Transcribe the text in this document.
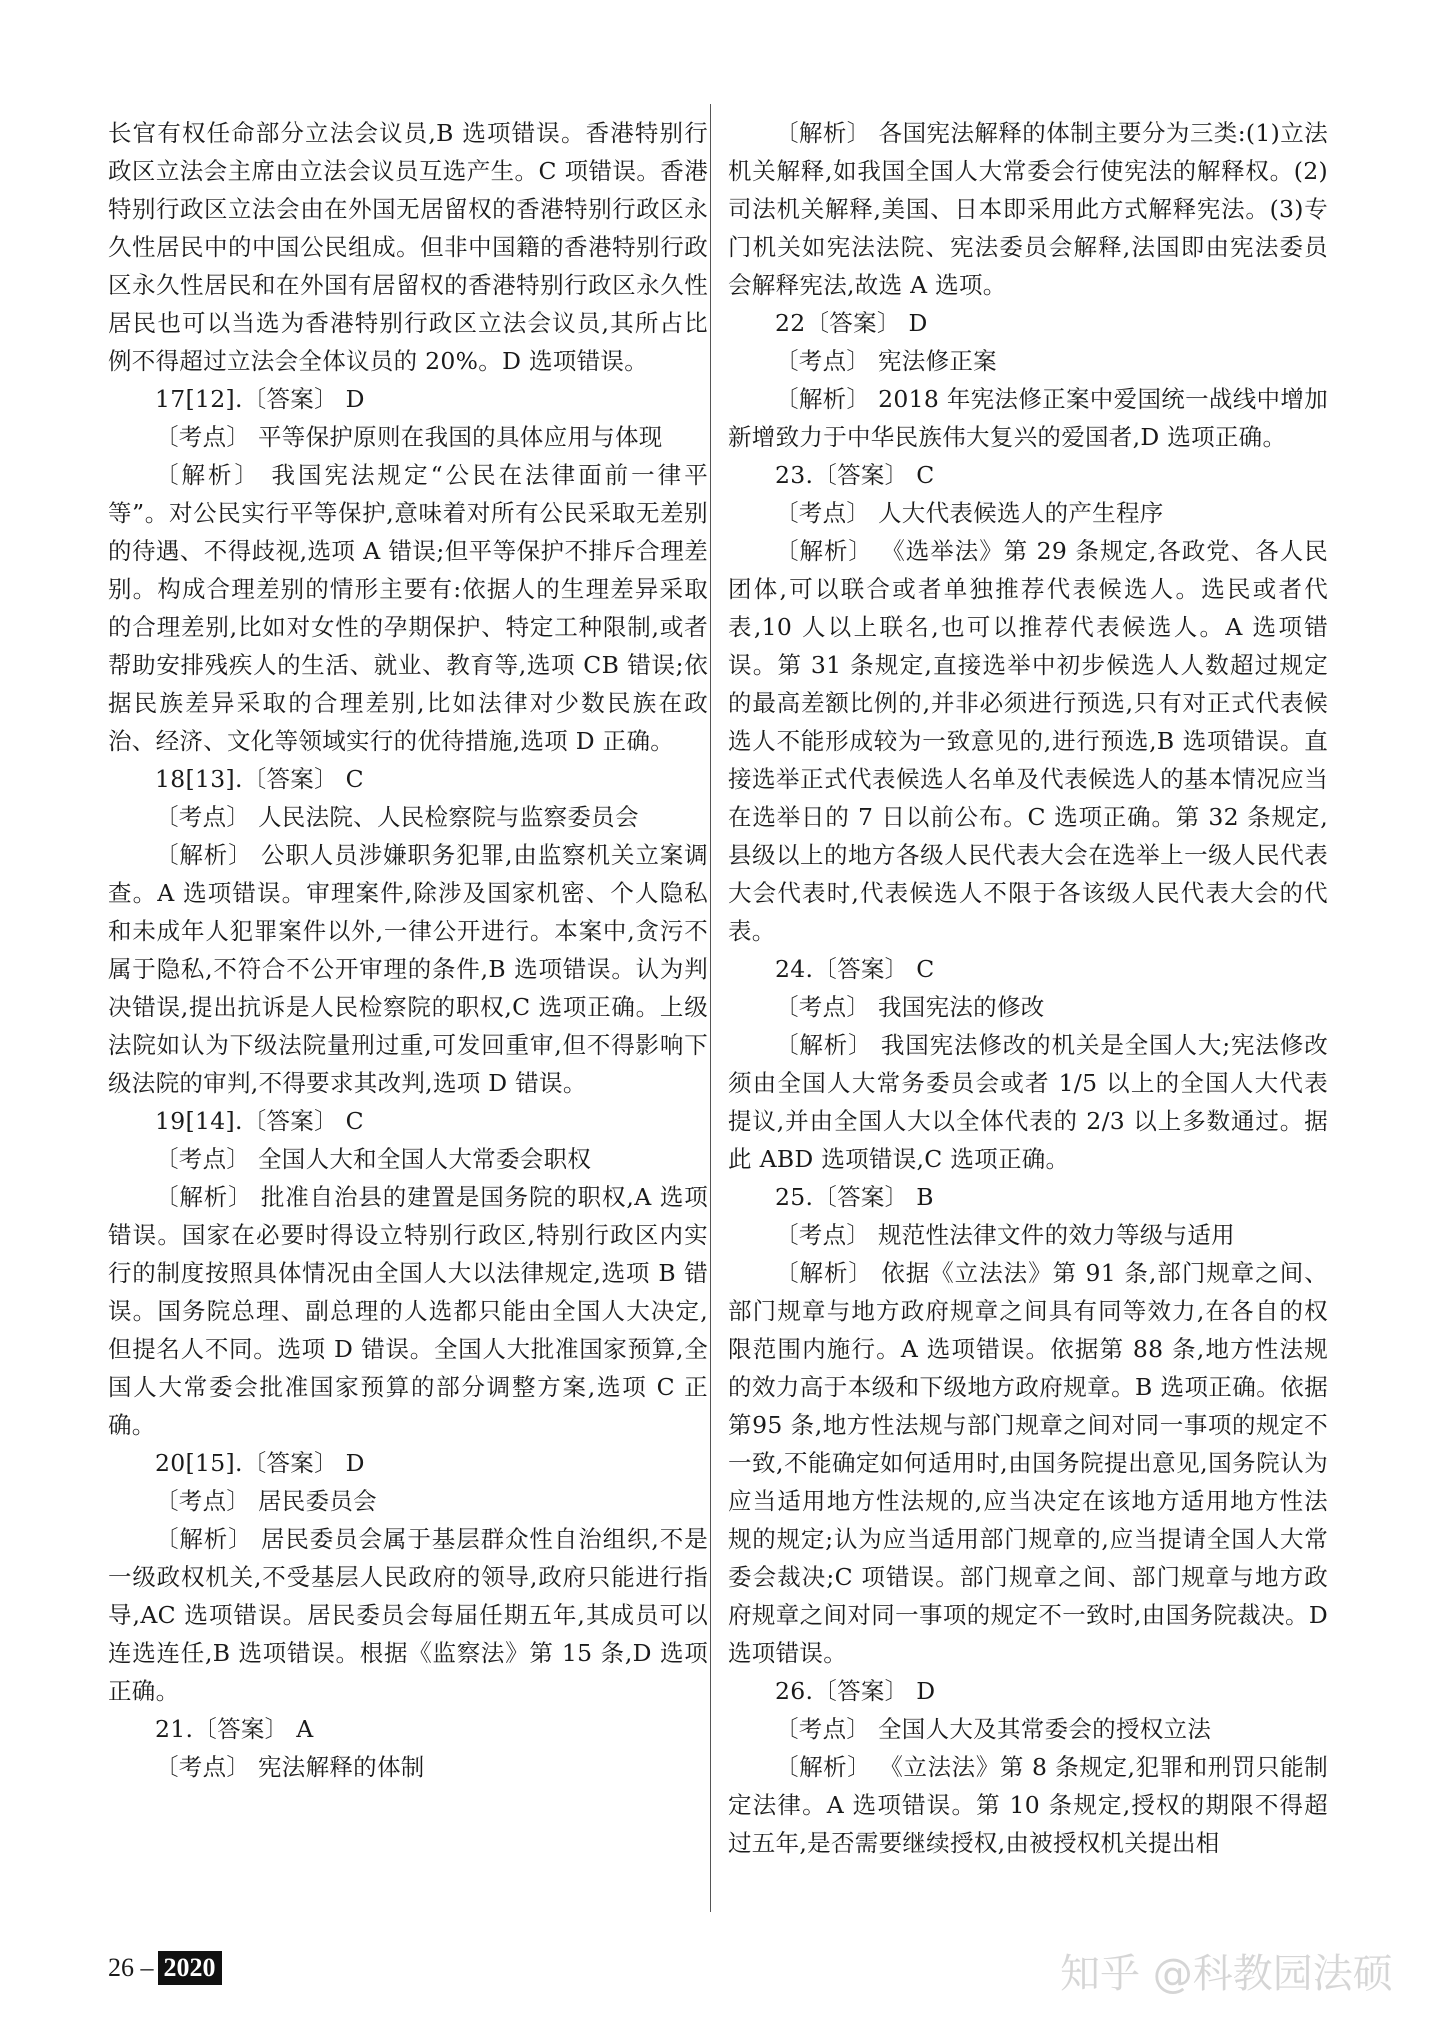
长官有权任命部分立法会议员,B 选项错误。香港特别行政区立法会主席由立法会议员互选产生。C 项错误。香港特别行政区立法会由在外国无居留权的香港特别行政区永久性居民中的中国公民组成。但非中国籍的香港特别行政区永久性居民和在外国有居留权的香港特别行政区永久性居民也可以当选为香港特别行政区立法会议员,其所占比例不得超过立法会全体议员的 20%。D 选项错误。

17[12].〔答案〕 D

〔考点〕 平等保护原则在我国的具体应用与体现

〔解析〕 我国宪法规定“公民在法律面前一律平等”。对公民实行平等保护,意味着对所有公民采取无差别的待遇、不得歧视,选项 A 错误;但平等保护不排斥合理差别。构成合理差别的情形主要有:依据人的生理差异采取的合理差别,比如对女性的孕期保护、特定工种限制,或者帮助安排残疾人的生活、就业、教育等,选项 CB 错误;依据民族差异采取的合理差别,比如法律对少数民族在政治、经济、文化等领域实行的优待措施,选项 D 正确。

18[13].〔答案〕 C

〔考点〕 人民法院、人民检察院与监察委员会

〔解析〕 公职人员涉嫌职务犯罪,由监察机关立案调查。A 选项错误。审理案件,除涉及国家机密、个人隐私和未成年人犯罪案件以外,一律公开进行。本案中,贪污不属于隐私,不符合不公开审理的条件,B 选项错误。认为判决错误,提出抗诉是人民检察院的职权,C 选项正确。上级法院如认为下级法院量刑过重,可发回重审,但不得影响下级法院的审判,不得要求其改判,选项 D 错误。

19[14].〔答案〕 C

〔考点〕 全国人大和全国人大常委会职权

〔解析〕 批准自治县的建置是国务院的职权,A 选项错误。国家在必要时得设立特别行政区,特别行政区内实行的制度按照具体情况由全国人大以法律规定,选项 B 错误。国务院总理、副总理的人选都只能由全国人大决定,但提名人不同。选项 D 错误。全国人大批准国家预算,全国人大常委会批准国家预算的部分调整方案,选项 C 正确。

20[15].〔答案〕 D

〔考点〕 居民委员会

〔解析〕 居民委员会属于基层群众性自治组织,不是一级政权机关,不受基层人民政府的领导,政府只能进行指导,AC 选项错误。居民委员会每届任期五年,其成员可以连选连任,B 选项错误。根据《监察法》第 15 条,D 选项正确。

21.〔答案〕 A

〔考点〕 宪法解释的体制

〔解析〕 各国宪法解释的体制主要分为三类:(1)立法机关解释,如我国全国人大常委会行使宪法的解释权。(2)司法机关解释,美国、日本即采用此方式解释宪法。(3)专门机关如宪法法院、宪法委员会解释,法国即由宪法委员会解释宪法,故选 A 选项。

22〔答案〕 D

〔考点〕 宪法修正案

〔解析〕 2018 年宪法修正案中爱国统一战线中增加新增致力于中华民族伟大复兴的爱国者,D 选项正确。

23.〔答案〕 C

〔考点〕 人大代表候选人的产生程序

〔解析〕 《选举法》第 29 条规定,各政党、各人民团体,可以联合或者单独推荐代表候选人。选民或者代表,10 人以上联名,也可以推荐代表候选人。A 选项错误。第 31 条规定,直接选举中初步候选人人数超过规定的最高差额比例的,并非必须进行预选,只有对正式代表候选人不能形成较为一致意见的,进行预选,B 选项错误。直接选举正式代表候选人名单及代表候选人的基本情况应当在选举日的 7 日以前公布。C 选项正确。第 32 条规定,县级以上的地方各级人民代表大会在选举上一级人民代表大会代表时,代表候选人不限于各该级人民代表大会的代表。

24.〔答案〕 C

〔考点〕 我国宪法的修改

〔解析〕 我国宪法修改的机关是全国人大;宪法修改须由全国人大常务委员会或者 1/5 以上的全国人大代表提议,并由全国人大以全体代表的 2/3 以上多数通过。据此 ABD 选项错误,C 选项正确。

25.〔答案〕 B

〔考点〕 规范性法律文件的效力等级与适用

〔解析〕 依据《立法法》第 91 条,部门规章之间、部门规章与地方政府规章之间具有同等效力,在各自的权限范围内施行。A 选项错误。依据第 88 条,地方性法规的效力高于本级和下级地方政府规章。B 选项正确。依据第95 条,地方性法规与部门规章之间对同一事项的规定不一致,不能确定如何适用时,由国务院提出意见,国务院认为应当适用地方性法规的,应当决定在该地方适用地方性法规的规定;认为应当适用部门规章的,应当提请全国人大常委会裁决;C 项错误。部门规章之间、部门规章与地方政府规章之间对同一事项的规定不一致时,由国务院裁决。D 选项错误。

26.〔答案〕 D

〔考点〕 全国人大及其常委会的授权立法

〔解析〕 《立法法》第 8 条规定,犯罪和刑罚只能制定法律。A 选项错误。第 10 条规定,授权的期限不得超过五年,是否需要继续授权,由被授权机关提出相

26 – 2020	知乎 @科教园法硕
